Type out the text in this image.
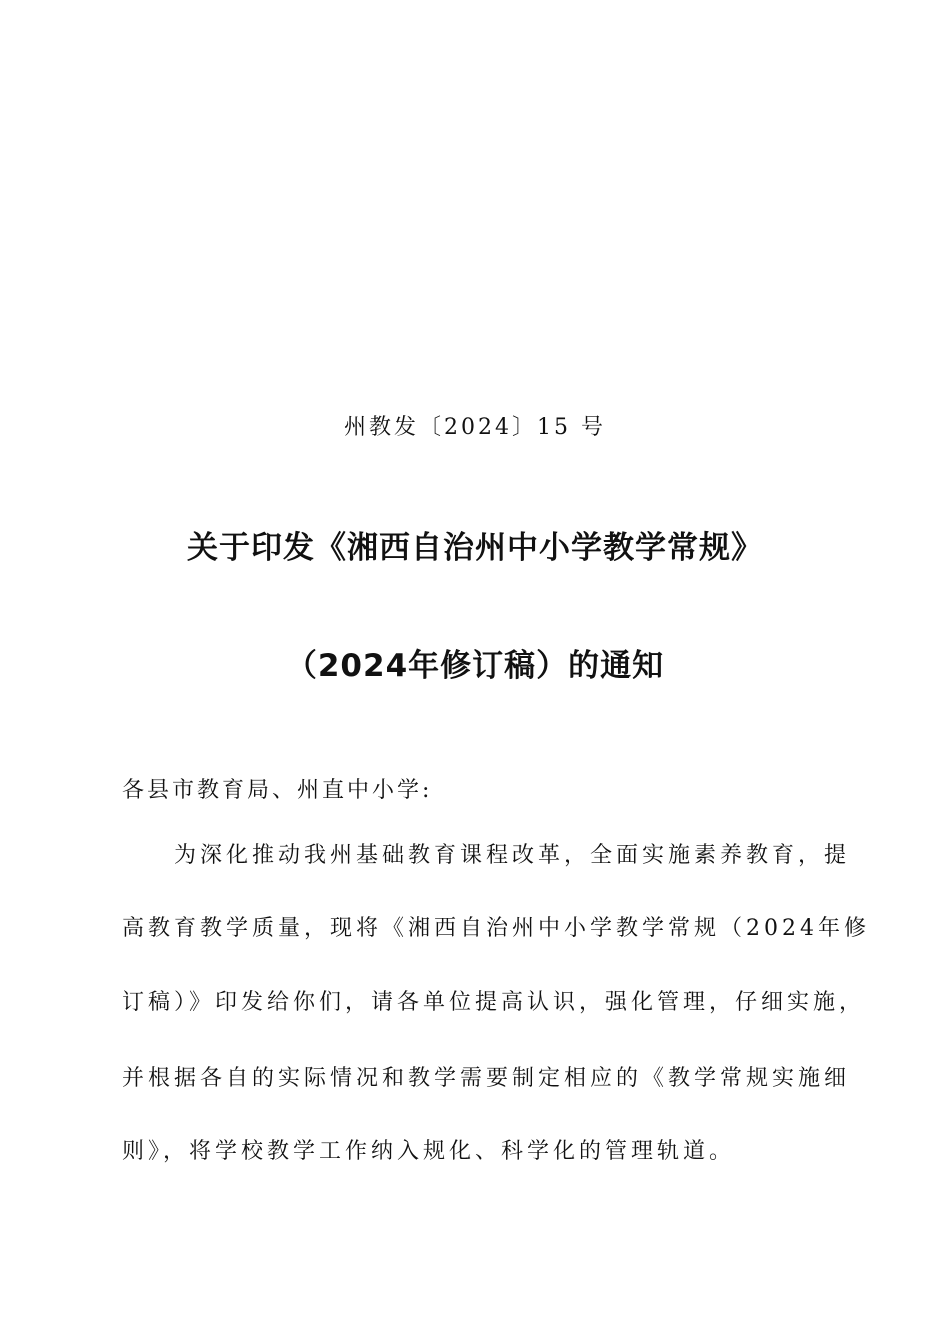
州教发〔2024〕15 号
关于印发《湘西自治州中小学教学常规》
（2024年修订稿）的通知
各县市教育局、州直中小学:
为深化推动我州基础教育课程改革，全面实施素养教育，提
高教育教学质量，现将《湘西自治州中小学教学常规（2024年修
订稿）》印发给你们，请各单位提高认识，强化管理，仔细实施，
并根据各自的实际情况和教学需要制定相应的《教学常规实施细
则》，将学校教学工作纳入规化、科学化的管理轨道。
